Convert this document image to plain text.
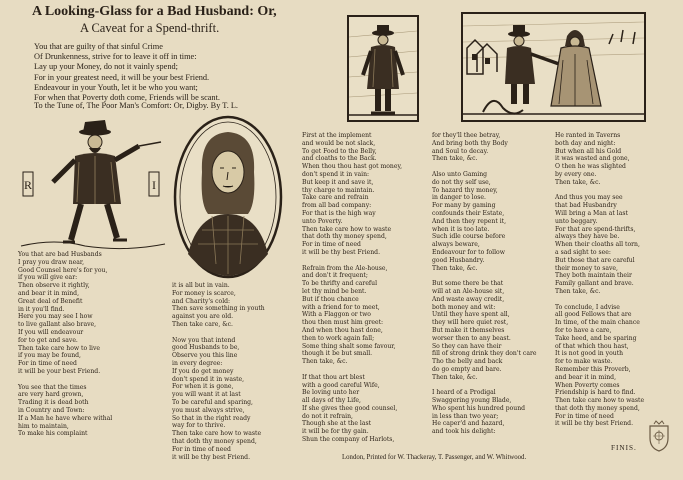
A Looking-Glass for a Bad Husband: Or,
A Caveat for a Spend-thrift.
You that are guilty of that sinful Crime
Of Drunkenness, strive for to leave it off in time:
Lay up your Money, do not it vainly spend;
For in your greatest need, it will be your best Friend.
Endeavour in your Youth, let it be who you want;
For when that Poverty doth come, Friends will be scant.
To the Tune of, The Poor Man's Comfort: Or, Digby. By T. L.
R	I
You that are bad Husbands
I pray you draw near,
Good Counsel here's for you,
if you will give ear:
Then observe it rightly,
and bear it in mind,
Great deal of Benefit
in it you'll find.
Here you may see I how
to live gallant also brave,
If you will endeavour
for to get and save.
Then take care how to live
if you may be found,
For in time of need
it will be your best Friend.

You see that the times
are very hard grown,
Trading it is dead both
in Country and Town:
If a Man he have where withal
him to maintain,
To make his complaint
it is all but in vain.
For money is scarce,
and Charity's cold:
Then save something in youth
against you are old.
Then take care, &c.

Now you that intend
good Husbands to be,
Observe you this line
in every degree:
If you do get money
don't spend it in waste,
For when it is gone,
you will want it at last
To be careful and sparing,
you must always strive,
So that in the right ready
way for to thrive.
Then take care how to waste
that doth thy money spend,
For in time of need
it will be thy best Friend.
First at the implement
and would be not slack,
To get Food to the Belly,
and cloaths to the Back.
When thou thou hast got money,
don't spend it in vain:
But keep it and save it,
thy charge to maintain.
Take care and refrain
from all bad company:
For that is the high way
unto Poverty.
Then take care how to waste
that doth thy money spend,
For in time of need
it will be thy best Friend.

Refrain from the Ale-house,
and don't it frequent;
To be thrifty and careful
let thy mind be bent.
But if thou chance
with a friend for to meet,
With a Flaggon or two
thou then must him greet:
And when thou hast done,
then to work again fall;
Some thing shalt some favour,
though it be but small.
Then take, &c.

If that thou art blest
with a good careful Wife,
Be loving unto her
all days of thy Life,
If she gives thee good counsel,
do not it refrain,
Though she at the last
it will be for thy gain.
Shun the company of Harlots,
for they'll thee betray,
And bring both thy Body
and Soul to decay.
Then take, &c.

Also unto Gaming
do not thy self use,
To hazard thy money,
in danger to lose.
For many by gaming
confounds their Estate,
And then they repent it,
when it is too late.
Such idle course before
always beware,
Endeavour for to follow
good Husbandry.
Then take, &c.

But some there be that
will at an Ale-house sit,
And waste away credit,
both money and wit:
Until they have spent all,
they will here quiet rest,
But make it themselves
worser then to any beast.
So they can have their
fill of strong drink they don't care
Tho the belly and back
do go empty and bare.
Then take, &c.

I heard of a Prodigal
Swaggering young Blade,
Who spent his hundred pound
in less than two year;
He caper'd and hazard,
and took his delight:
He ranted in Taverns
both day and night:
But when all his Gold
it was wasted and gone,
O then he was slighted
by every one.
Then take, &c.

And thus you may see
that bad Husbandry
Will bring a Man at last
unto beggary.
For that are spend-thrifts,
always they have be.
When their cloaths all torn,
a sad sight to see:
But those that are careful
their money to save,
They both maintain their
Family gallant and brave.
Then take, &c.

To conclude, I advise
all good Fellows that are
In time, of the main chance
for to have a care,
Take heed, and be sparing
of that which thou hast,
It is not good in youth
for to make waste.
Remember this Proverb,
and bear it in mind,
When Poverty comes
Friendship is hard to find.
Then take care how to waste
that doth thy money spend,
For in time of need
it will be thy best Friend.
FINIS.
London, Printed for W. Thackeray, T. Passenger, and W. Whitwood.
